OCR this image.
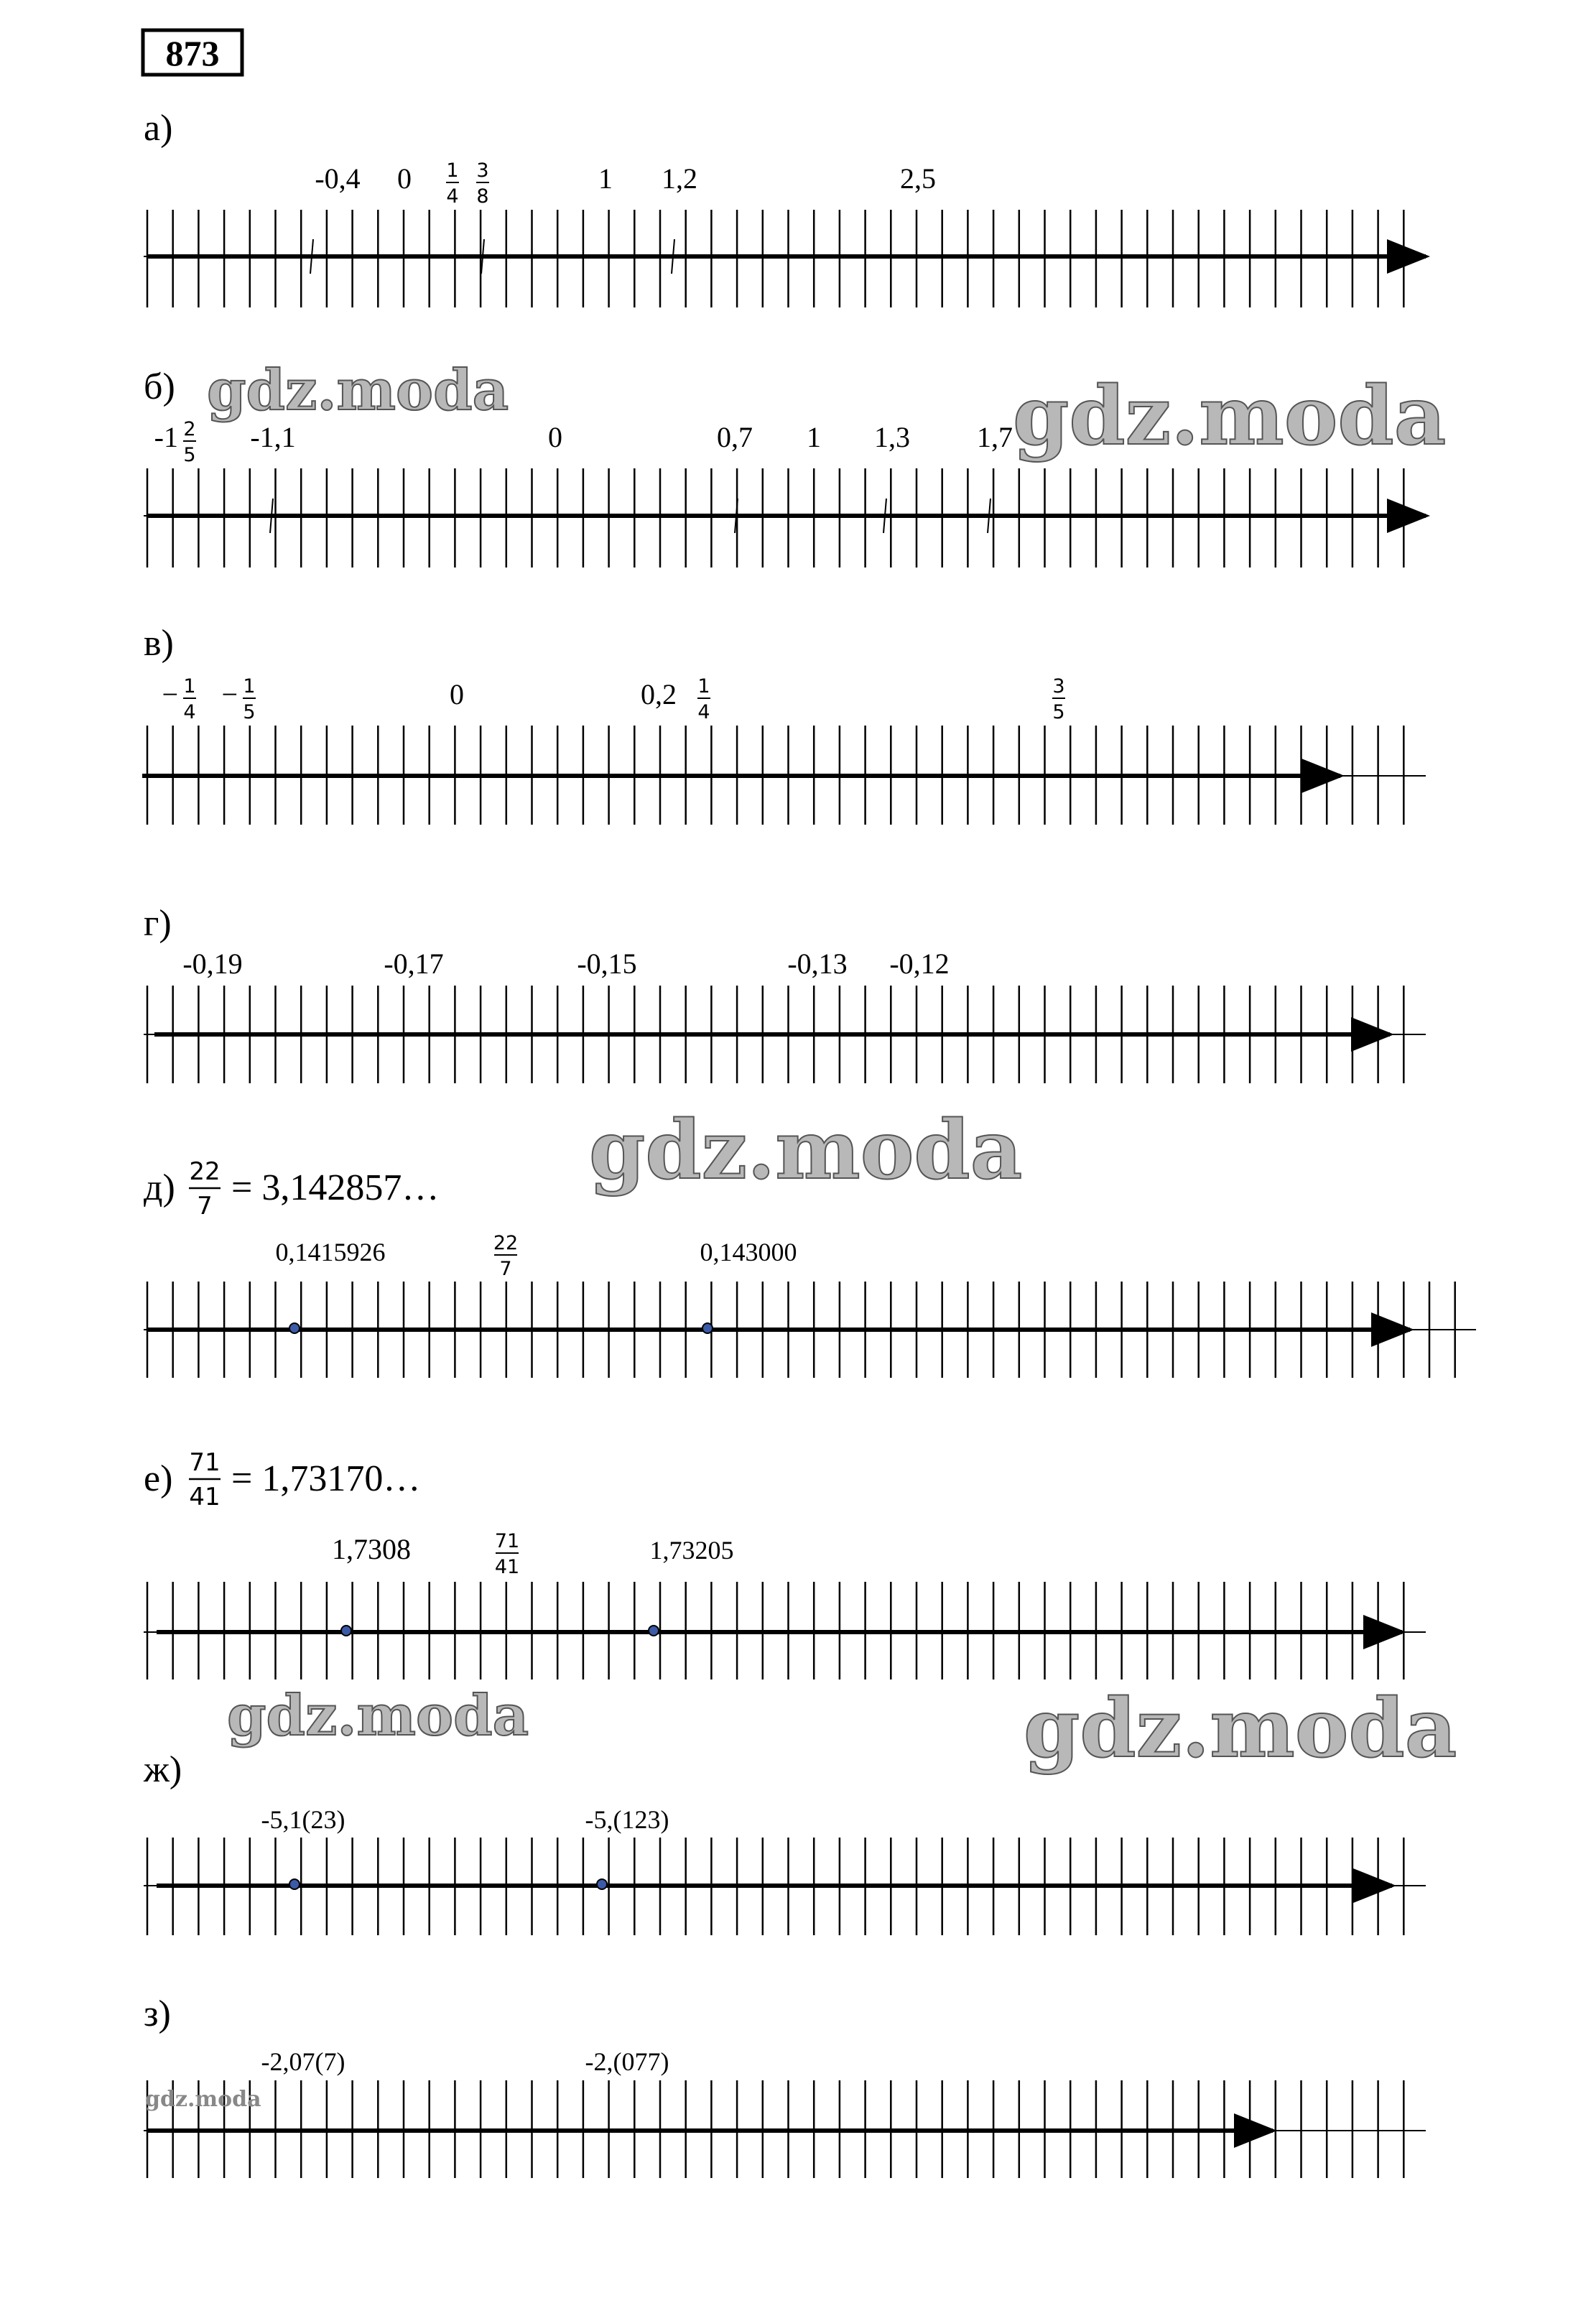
873
а)
-0,4 0 1
4
3
8
1 1,2	2,5
б)
-1 2
5
-1,1	0	0,7 1 1,3 1,7
в)
− 1
4
− 1
5
0	0,2 1
4
3
5
г)
-0,19	-0,17	-0,15	-0,13 -0,12
д) 22
7 = 3,142857…
0,1415926	22
7
0,143000
е) 71
41 = 1,73170…
1,7308	71
41
1,73205
ж)
-5,1(23)	-5,(123)
з)
-2,07(7)	-2,(077)
gdz.moda	gdz.moda
gdz.moda
gdz.moda	gdz.moda
gdz.moda
